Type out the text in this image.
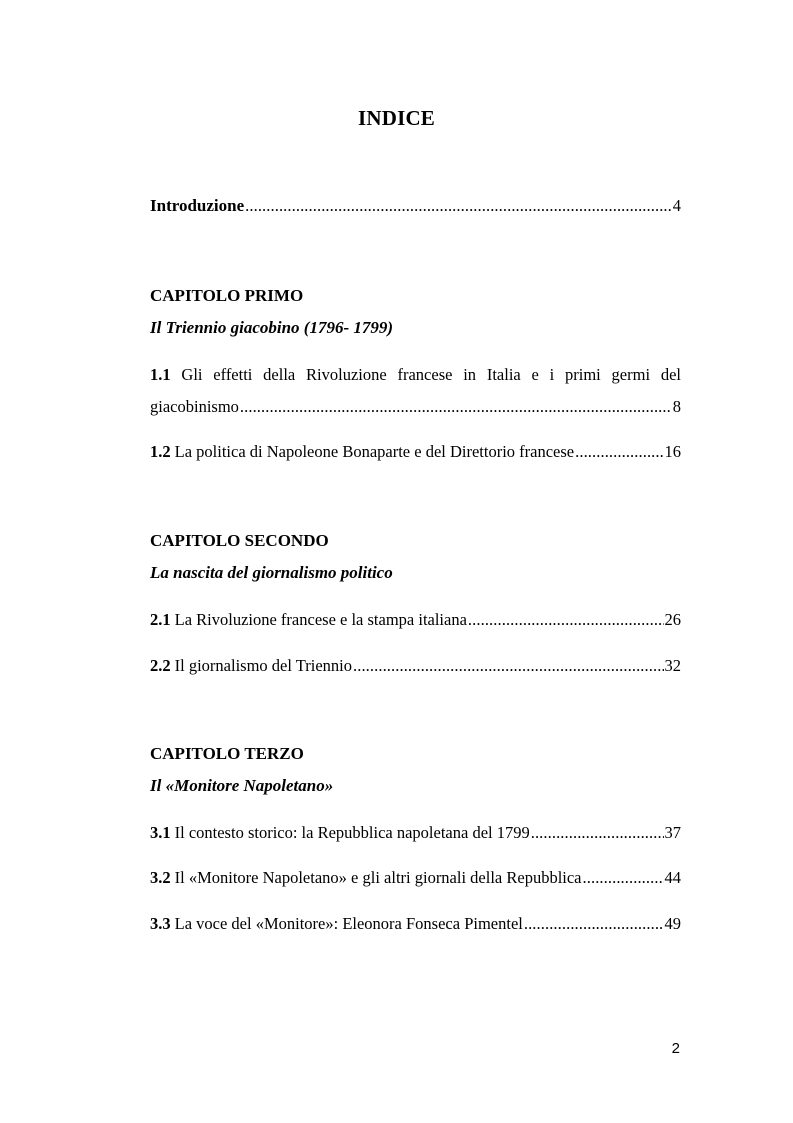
INDICE
Introduzione .....	4
CAPITOLO PRIMO
Il Triennio giacobino (1796- 1799)
1.1 Gli effetti della Rivoluzione francese in Italia e i primi germi del
giacobinismo .....	8
1.2 La politica di Napoleone Bonaparte e del Direttorio francese .....	16
CAPITOLO SECONDO
La nascita del giornalismo politico
2.1 La Rivoluzione francese e la stampa italiana .....	26
2.2 Il giornalismo del Triennio .....	32
CAPITOLO TERZO
Il «Monitore Napoletano»
3.1 Il contesto storico: la Repubblica napoletana del 1799 .....	37
3.2 Il «Monitore Napoletano» e gli altri giornali della Repubblica .....	44
3.3 La voce del «Monitore»: Eleonora Fonseca Pimentel .....	49
2
